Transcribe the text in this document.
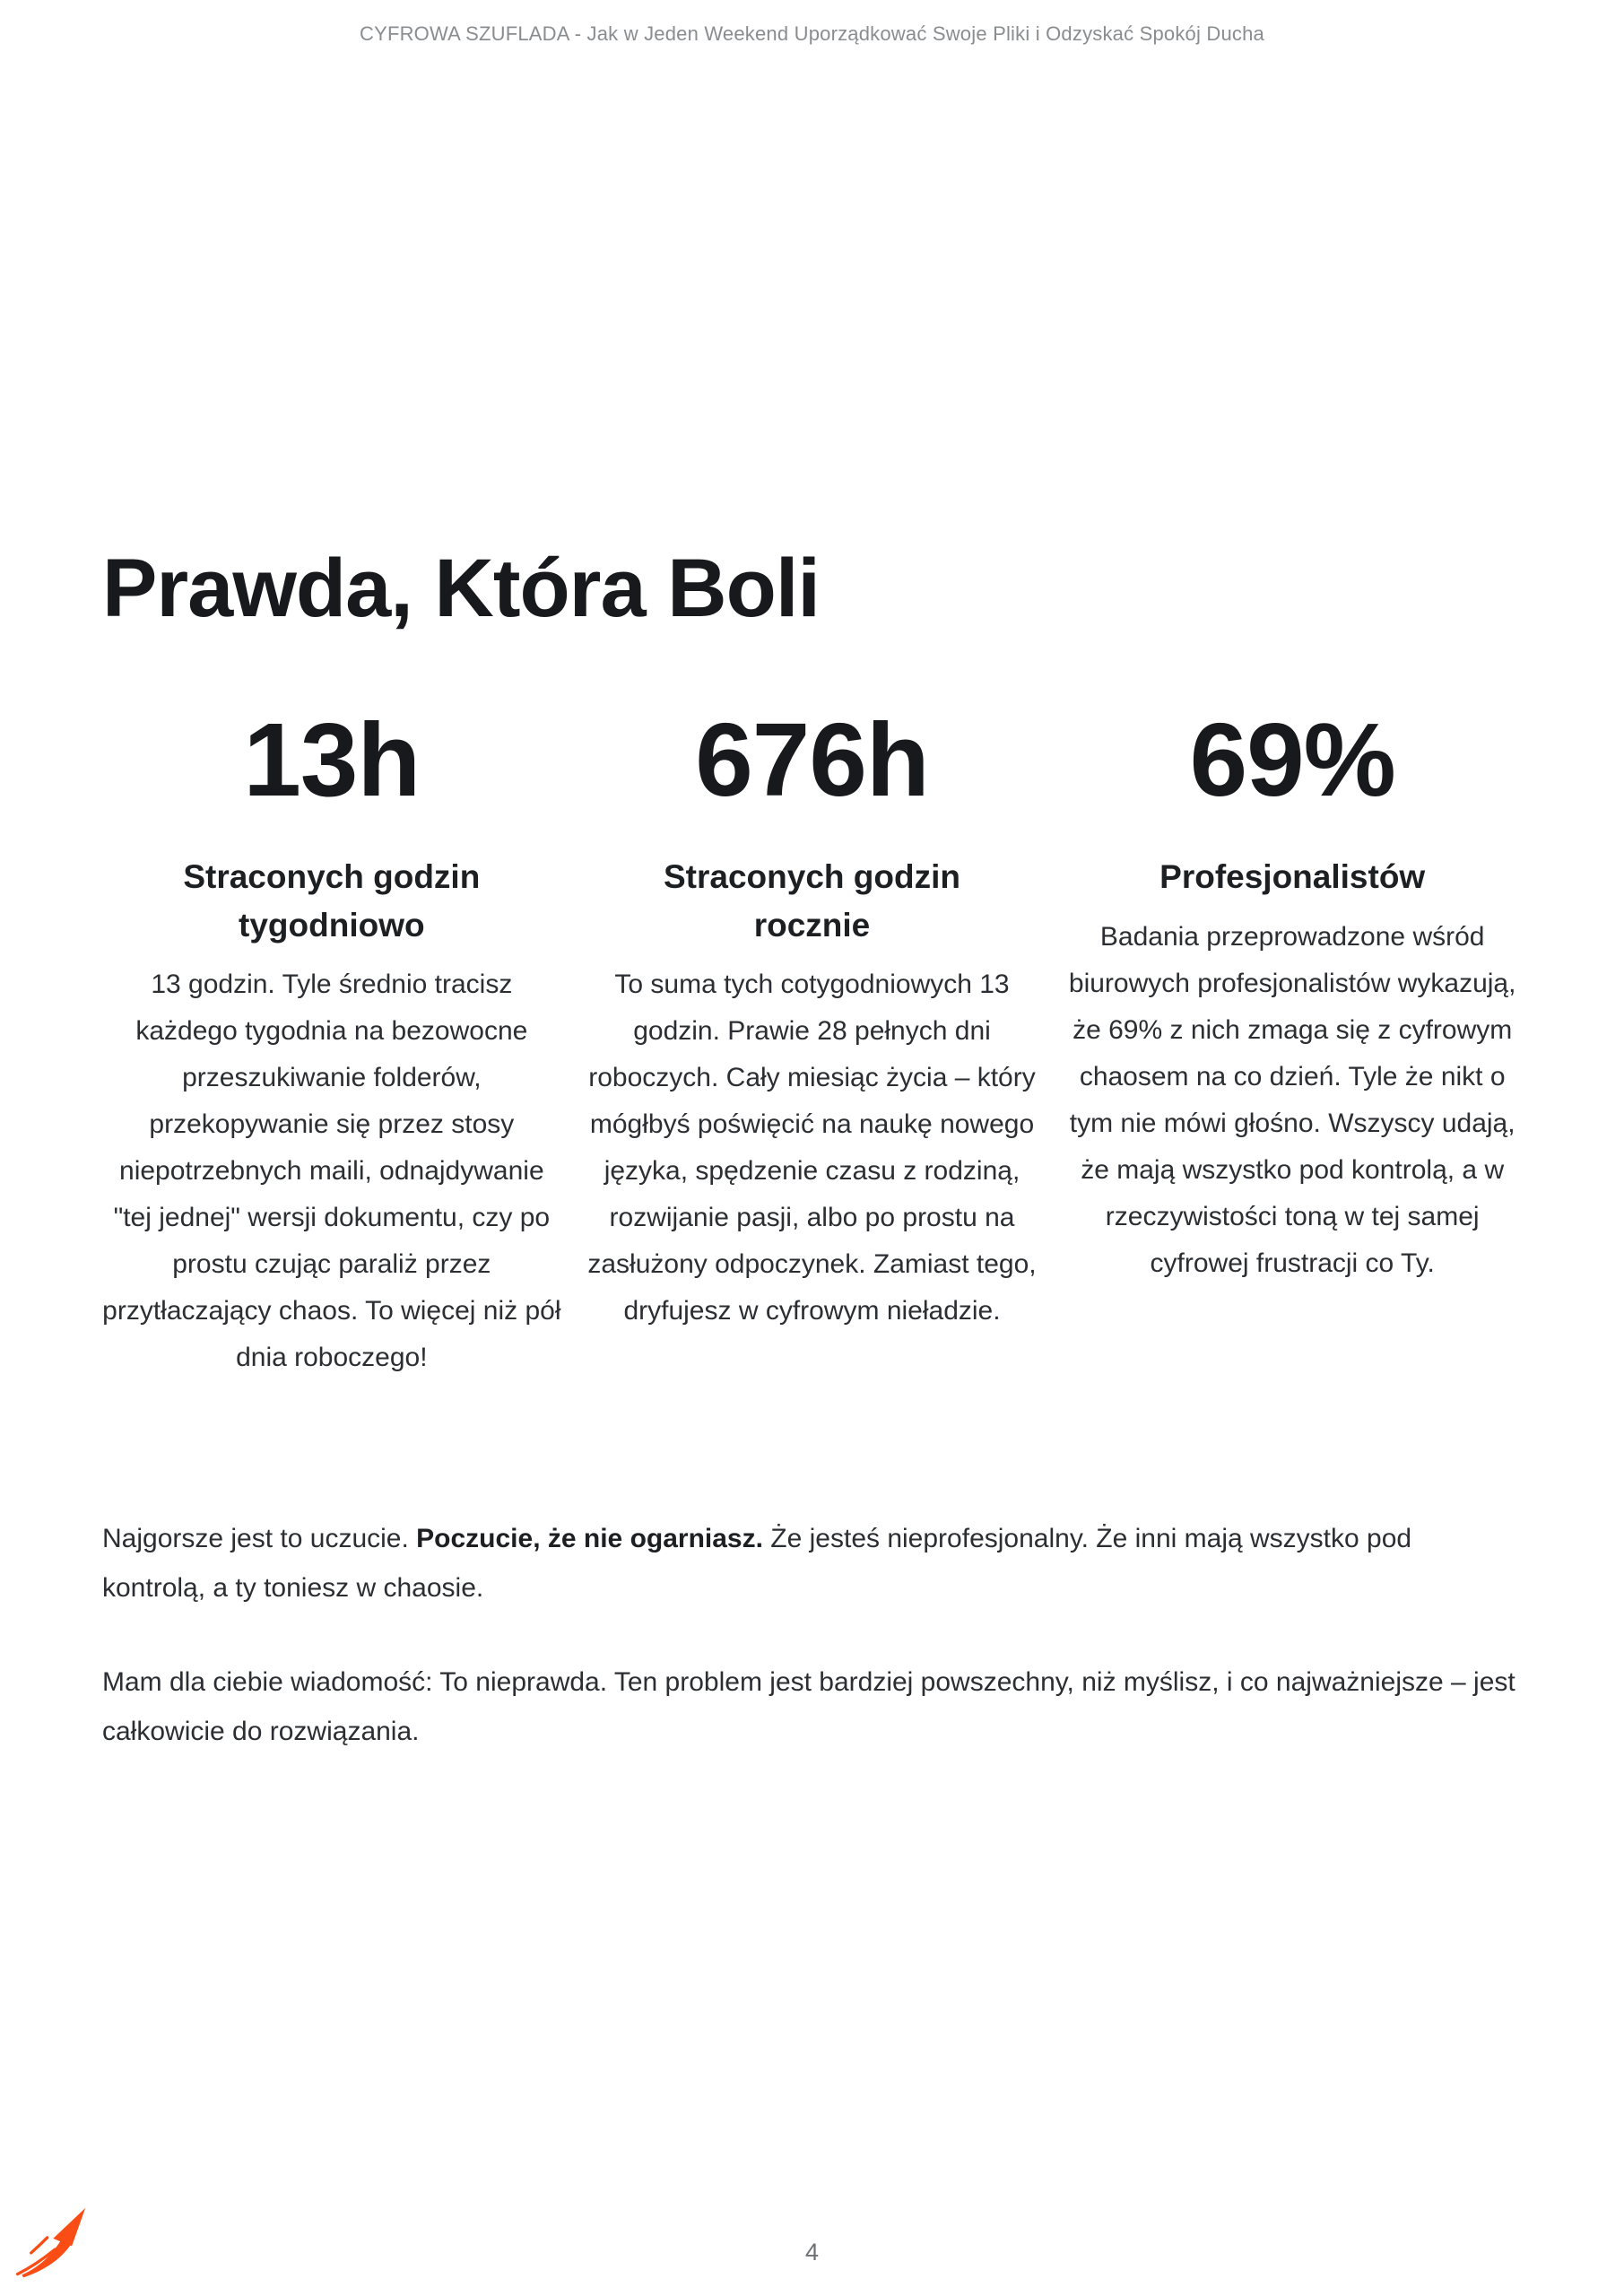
CYFROWA SZUFLADA - Jak w Jeden Weekend Uporządkować Swoje Pliki i Odzyskać Spokój Ducha
Prawda, Która Boli
13h
Straconych godzin tygodniowo
13 godzin. Tyle średnio tracisz każdego tygodnia na bezowocne przeszukiwanie folderów, przekopywanie się przez stosy niepotrzebnych maili, odnajdywanie "tej jednej" wersji dokumentu, czy po prostu czując paraliż przez przytłaczający chaos. To więcej niż pół dnia roboczego!
676h
Straconych godzin rocznie
To suma tych cotygodniowych 13 godzin. Prawie 28 pełnych dni roboczych. Cały miesiąc życia – który mógłbyś poświęcić na naukę nowego języka, spędzenie czasu z rodziną, rozwijanie pasji, albo po prostu na zasłużony odpoczynek. Zamiast tego, dryfujesz w cyfrowym nieładzie.
69%
Profesjonalistów
Badania przeprowadzone wśród biurowych profesjonalistów wykazują, że 69% z nich zmaga się z cyfrowym chaosem na co dzień. Tyle że nikt o tym nie mówi głośno. Wszyscy udają, że mają wszystko pod kontrolą, a w rzeczywistości toną w tej samej cyfrowej frustracji co Ty.

Najgorsze jest to uczucie. Poczucie, że nie ogarniasz. Że jesteś nieprofesjonalny. Że inni mają wszystko pod kontrolą, a ty toniesz w chaosie.

Mam dla ciebie wiadomość: To nieprawda. Ten problem jest bardziej powszechny, niż myślisz, i co najważniejsze – jest całkowicie do rozwiązania.

4
